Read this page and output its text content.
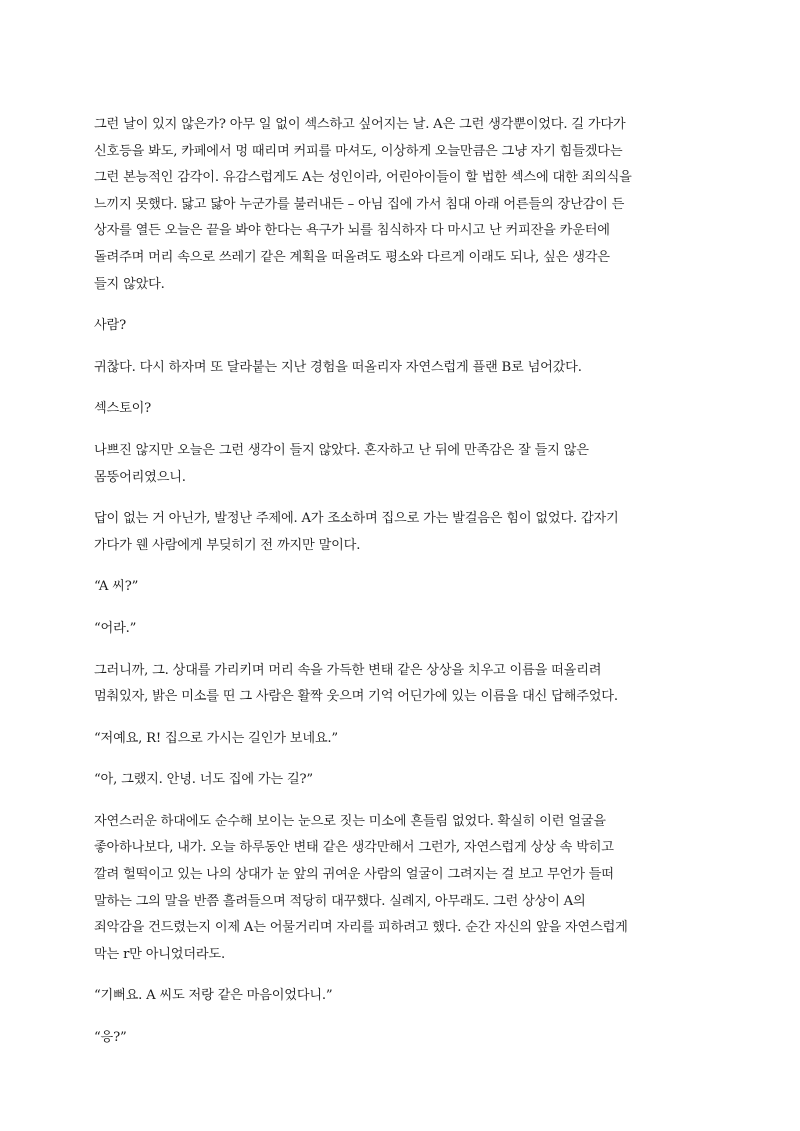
그런 날이 있지 않은가? 아무 일 없이 섹스하고 싶어지는 날. A은 그런 생각뿐이었다. 길 가다가
신호등을 봐도, 카페에서 멍 때리며 커피를 마셔도, 이상하게 오늘만큼은 그냥 자기 힘들겠다는
그런 본능적인 감각이. 유감스럽게도 A는 성인이라, 어린아이들이 할 법한 섹스에 대한 죄의식을
느끼지 못했다. 닳고 닳아 누군가를 불러내든 – 아님 집에 가서 침대 아래 어른들의 장난감이 든
상자를 열든 오늘은 끝을 봐야 한다는 욕구가 뇌를 침식하자 다 마시고 난 커피잔을 카운터에
돌려주며 머리 속으로 쓰레기 같은 계획을 떠올려도 평소와 다르게 이래도 되나, 싶은 생각은
들지 않았다.

사람?

귀찮다. 다시 하자며 또 달라붙는 지난 경험을 떠올리자 자연스럽게 플랜 B로 넘어갔다.

섹스토이?

나쁘진 않지만 오늘은 그런 생각이 들지 않았다. 혼자하고 난 뒤에 만족감은 잘 들지 않은
몸뚱어리였으니.

답이 없는 거 아닌가, 발정난 주제에. A가 조소하며 집으로 가는 발걸음은 힘이 없었다. 갑자기
가다가 웬 사람에게 부딪히기 전 까지만 말이다.

“A 씨?”

“어라.”

그러니까, 그. 상대를 가리키며 머리 속을 가득한 변태 같은 상상을 치우고 이름을 떠올리려
멈춰있자, 밝은 미소를 띤 그 사람은 활짝 웃으며 기억 어딘가에 있는 이름을 대신 답해주었다.

“저예요, R! 집으로 가시는 길인가 보네요.”

“아, 그랬지. 안녕. 너도 집에 가는 길?”

자연스러운 하대에도 순수해 보이는 눈으로 짓는 미소에 흔들림 없었다. 확실히 이런 얼굴을
좋아하나보다, 내가. 오늘 하루동안 변태 같은 생각만해서 그런가, 자연스럽게 상상 속 박히고
깔려 헐떡이고 있는 나의 상대가 눈 앞의 귀여운 사람의 얼굴이 그려지는 걸 보고 무언가 들떠
말하는 그의 말을 반쯤 흘려들으며 적당히 대꾸했다. 실례지, 아무래도. 그런 상상이 A의
죄악감을 건드렸는지 이제 A는 어물거리며 자리를 피하려고 했다. 순간 자신의 앞을 자연스럽게
막는 r만 아니었더라도.

“기뻐요. A 씨도 저랑 같은 마음이었다니.”

“응?”
